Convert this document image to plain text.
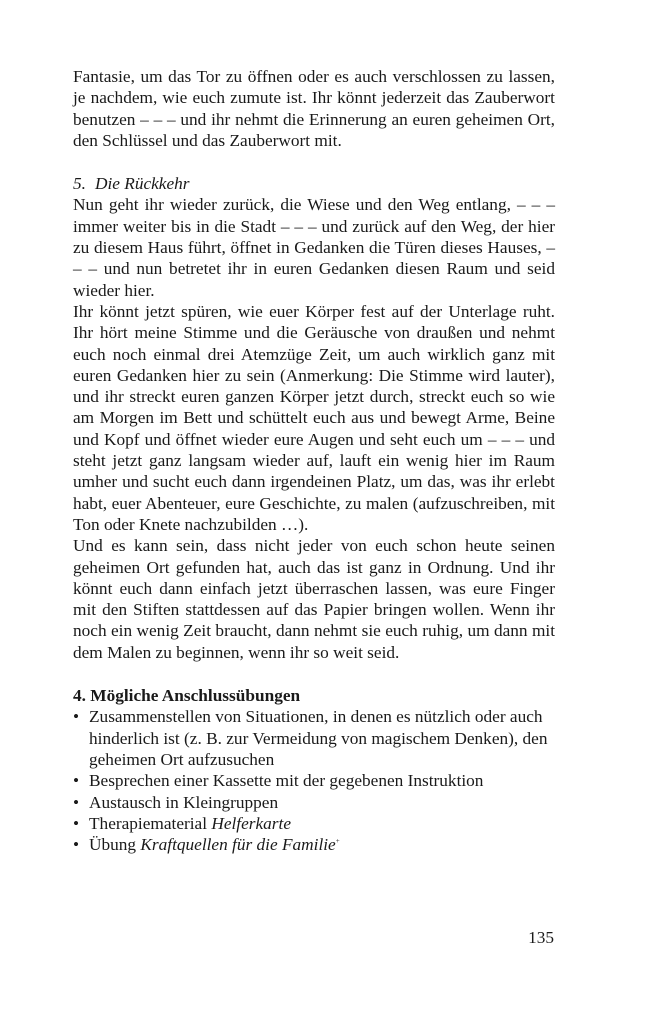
Fantasie, um das Tor zu öffnen oder es auch verschlossen zu lassen, je nachdem, wie euch zumute ist. Ihr könnt jederzeit das Zauberwort benutzen – – – und ihr nehmt die Erinnerung an euren geheimen Ort, den Schlüssel und das Zauberwort mit.

5. Die Rückkehr

Nun geht ihr wieder zurück, die Wiese und den Weg entlang, – – – immer weiter bis in die Stadt – – – und zurück auf den Weg, der hier zu diesem Haus führt, öffnet in Gedanken die Türen dieses Hauses, – – – und nun betretet ihr in euren Gedanken diesen Raum und seid wieder hier.

Ihr könnt jetzt spüren, wie euer Körper fest auf der Unterlage ruht. Ihr hört meine Stimme und die Geräusche von draußen und nehmt euch noch einmal drei Atemzüge Zeit, um auch wirklich ganz mit euren Gedanken hier zu sein (Anmerkung: Die Stimme wird lauter), und ihr streckt euren ganzen Körper jetzt durch, streckt euch so wie am Morgen im Bett und schüttelt euch aus und bewegt Arme, Beine und Kopf und öffnet wieder eure Augen und seht euch um – – – und steht jetzt ganz langsam wieder auf, lauft ein wenig hier im Raum umher und sucht euch dann irgendeinen Platz, um das, was ihr erlebt habt, euer Abenteuer, eure Geschichte, zu malen (aufzuschreiben, mit Ton oder Knete nachzubilden …).

Und es kann sein, dass nicht jeder von euch schon heute seinen geheimen Ort gefunden hat, auch das ist ganz in Ordnung. Und ihr könnt euch dann einfach jetzt überraschen lassen, was eure Finger mit den Stiften stattdessen auf das Papier bringen wollen. Wenn ihr noch ein wenig Zeit braucht, dann nehmt sie euch ruhig, um dann mit dem Malen zu beginnen, wenn ihr so weit seid.

4. Mögliche Anschlussübungen

• Zusammenstellen von Situationen, in denen es nützlich oder auch hinderlich ist (z. B. zur Vermeidung von magischem Denken), den geheimen Ort aufzusuchen
• Besprechen einer Kassette mit der gegebenen Instruktion
• Austausch in Kleingruppen
• Therapiematerial Helferkarte
• Übung Kraftquellen für die Familie+
135
